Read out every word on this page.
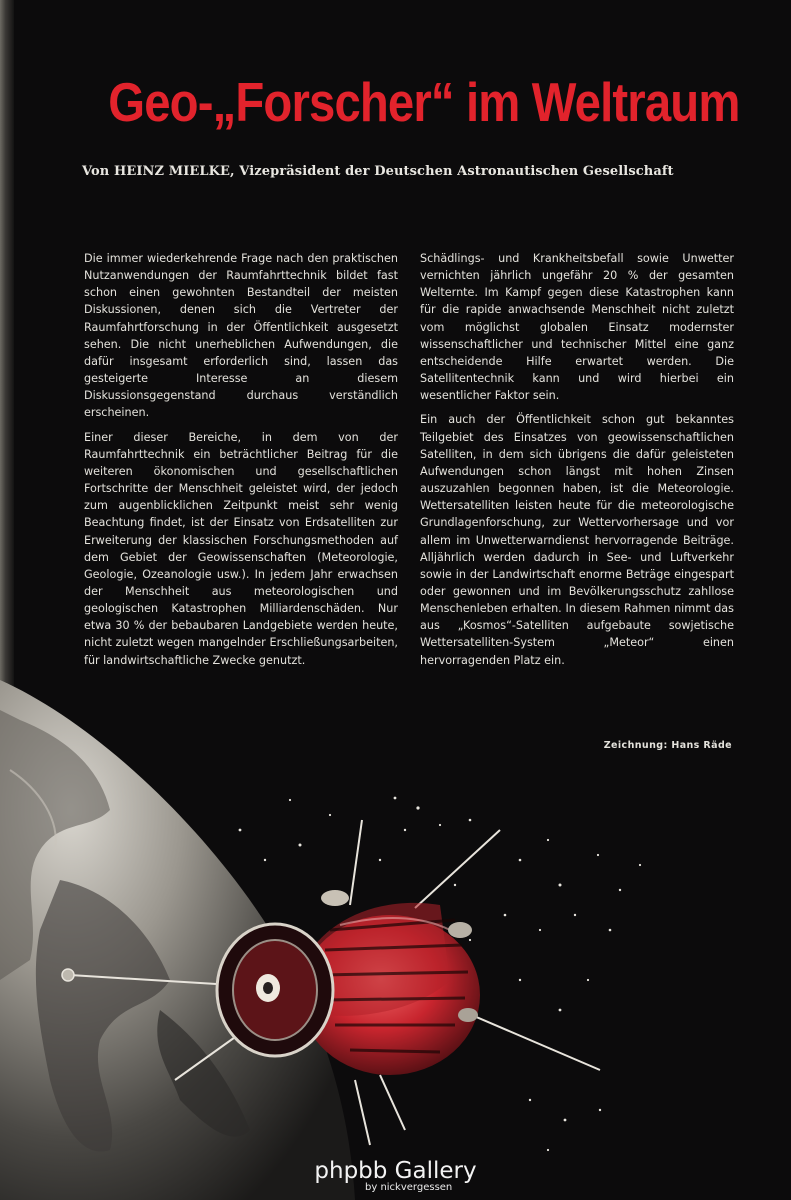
Geo-„Forscher“ im Weltraum
Von HEINZ MIELKE, Vizepräsident der Deutschen Astronautischen Gesellschaft

Die immer wiederkehrende Frage nach den praktischen Nutzanwendungen der Raumfahrttechnik bildet fast schon einen gewohnten Bestandteil der meisten Diskussionen, denen sich die Vertreter der Raumfahrtforschung in der Öffentlichkeit ausgesetzt sehen. Die nicht unerheblichen Aufwendungen, die dafür insgesamt erforderlich sind, lassen das gesteigerte Interesse an diesem Diskussionsgegenstand durchaus verständlich erscheinen.

Einer dieser Bereiche, in dem von der Raumfahrttechnik ein beträchtlicher Beitrag für die weiteren ökonomischen und gesellschaftlichen Fortschritte der Menschheit geleistet wird, der jedoch zum augenblicklichen Zeitpunkt meist sehr wenig Beachtung findet, ist der Einsatz von Erdsatelliten zur Erweiterung der klassischen Forschungsmethoden auf dem Gebiet der Geowissenschaften (Meteorologie, Geologie, Ozeanologie usw.). In jedem Jahr erwachsen der Menschheit aus meteorologischen und geologischen Katastrophen Milliardenschäden. Nur etwa 30 % der bebaubaren Landgebiete werden heute, nicht zuletzt wegen mangelnder Erschließungsarbeiten, für landwirtschaftliche Zwecke genutzt.

Schädlings- und Krankheitsbefall sowie Unwetter vernichten jährlich ungefähr 20 % der gesamten Welternte. Im Kampf gegen diese Katastrophen kann für die rapide anwachsende Menschheit nicht zuletzt vom möglichst globalen Einsatz modernster wissenschaftlicher und technischer Mittel eine ganz entscheidende Hilfe erwartet werden. Die Satellitentechnik kann und wird hierbei ein wesentlicher Faktor sein.

Ein auch der Öffentlichkeit schon gut bekanntes Teilgebiet des Einsatzes von geowissenschaftlichen Satelliten, in dem sich übrigens die dafür geleisteten Aufwendungen schon längst mit hohen Zinsen auszuzahlen begonnen haben, ist die Meteorologie. Wettersatelliten leisten heute für die meteorologische Grundlagenforschung, zur Wettervorhersage und vor allem im Unwetterwarndienst hervorragende Beiträge. Alljährlich werden dadurch in See- und Luftverkehr sowie in der Landwirtschaft enorme Beträge eingespart oder gewonnen und im Bevölkerungsschutz zahllose Menschenleben erhalten. In diesem Rahmen nimmt das aus „Kosmos“-Satelliten aufgebaute sowjetische Wettersatelliten-System „Meteor“ einen hervorragenden Platz ein.

Zeichnung: Hans Räde
phpbb Gallery
by nickvergessen
